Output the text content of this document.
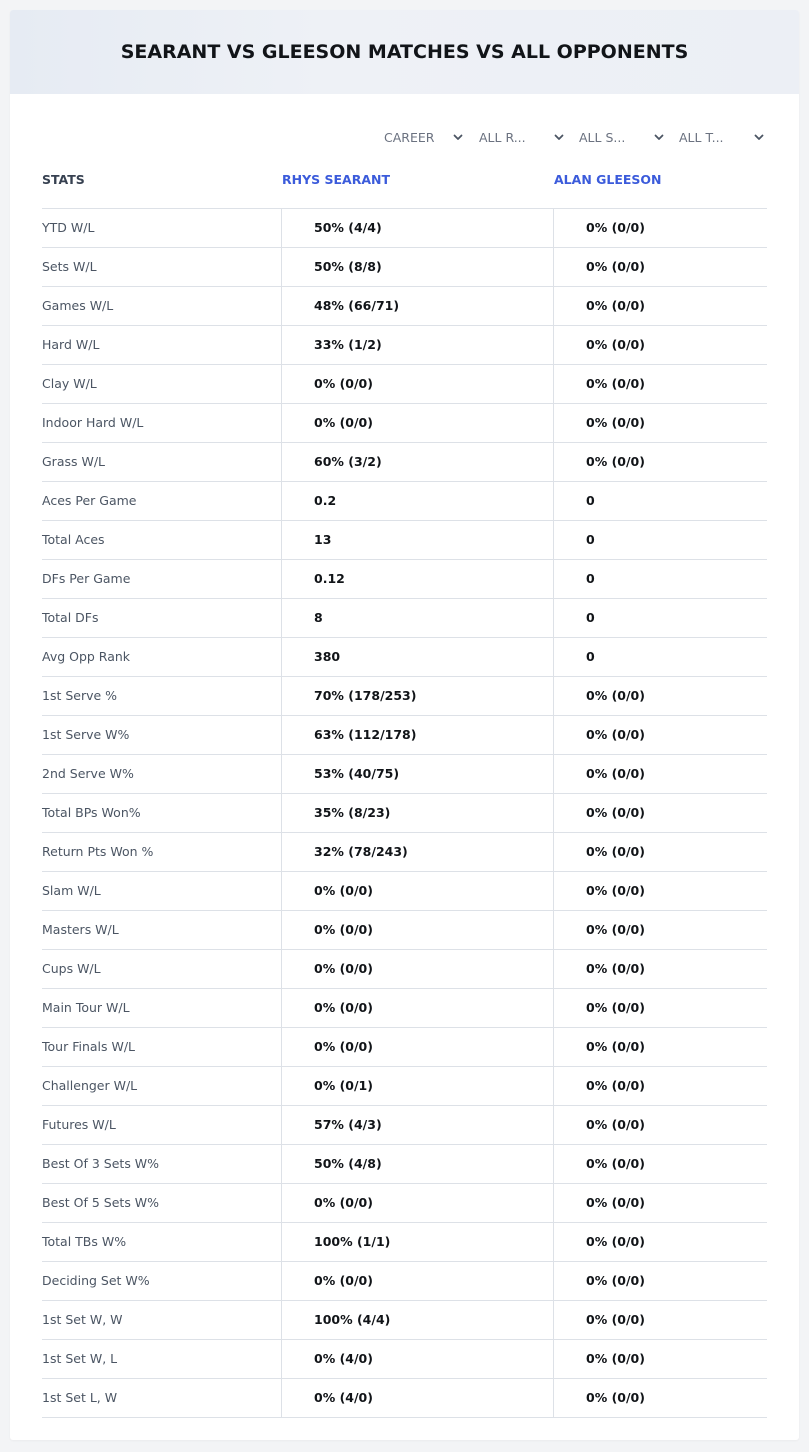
SEARANT VS GLEESON MATCHES VS ALL OPPONENTS
CAREER	ALL R...	ALL S...	ALL T...
STATS	RHYS SEARANT	ALAN GLEESON
YTD W/L	50% (4/4)	0% (0/0)
Sets W/L	50% (8/8)	0% (0/0)
Games W/L	48% (66/71)	0% (0/0)
Hard W/L	33% (1/2)	0% (0/0)
Clay W/L	0% (0/0)	0% (0/0)
Indoor Hard W/L	0% (0/0)	0% (0/0)
Grass W/L	60% (3/2)	0% (0/0)
Aces Per Game	0.2	0
Total Aces	13	0
DFs Per Game	0.12	0
Total DFs	8	0
Avg Opp Rank	380	0
1st Serve %	70% (178/253)	0% (0/0)
1st Serve W%	63% (112/178)	0% (0/0)
2nd Serve W%	53% (40/75)	0% (0/0)
Total BPs Won%	35% (8/23)	0% (0/0)
Return Pts Won %	32% (78/243)	0% (0/0)
Slam W/L	0% (0/0)	0% (0/0)
Masters W/L	0% (0/0)	0% (0/0)
Cups W/L	0% (0/0)	0% (0/0)
Main Tour W/L	0% (0/0)	0% (0/0)
Tour Finals W/L	0% (0/0)	0% (0/0)
Challenger W/L	0% (0/1)	0% (0/0)
Futures W/L	57% (4/3)	0% (0/0)
Best Of 3 Sets W%	50% (4/8)	0% (0/0)
Best Of 5 Sets W%	0% (0/0)	0% (0/0)
Total TBs W%	100% (1/1)	0% (0/0)
Deciding Set W%	0% (0/0)	0% (0/0)
1st Set W, W	100% (4/4)	0% (0/0)
1st Set W, L	0% (4/0)	0% (0/0)
1st Set L, W	0% (4/0)	0% (0/0)
